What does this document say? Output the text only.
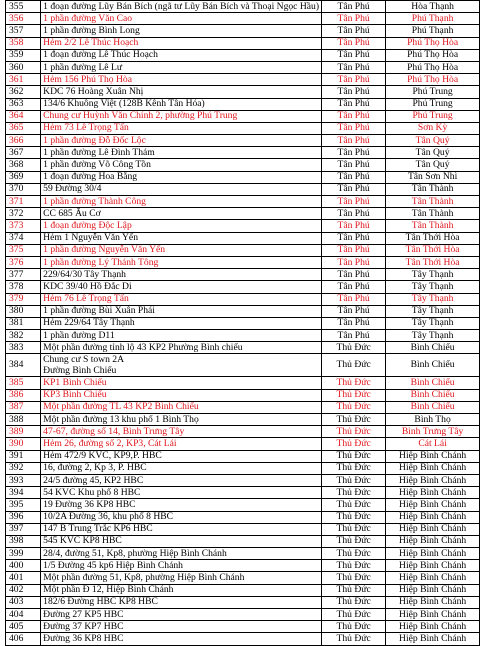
355	1 đoạn đường Lũy Bán Bích (ngã tư Lũy Bán Bích và Thoại Ngọc Hầu)	Tân Phú	Hòa Thạnh
356	1 phần đường Văn Cao	Tân Phú	Phú Thạnh
357	1 phần đường Bình Long	Tân Phú	Phú Thạnh
358	Hẻm 2/2 Lê Thúc Hoạch	Tân Phú	Phú Thọ Hòa
359	1 đoạn đường Lê Thúc Hoạch	Tân Phú	Phú Thọ Hòa
360	1 phần đường Lê Lư	Tân Phú	Phú Thọ Hòa
361	Hẻm 156 Phú Thọ Hòa	Tân Phú	Phú Thọ Hòa
362	KDC 76 Hoàng Xuân Nhị	Tân Phú	Phú Trung
363	134/6 Khuông Việt (128B Kênh Tân Hóa)	Tân Phú	Phú Trung
364	Chung cư Huỳnh Văn Chính 2, phường Phú Trung	Tân Phú	Phú Trung
365	Hẻm 73 Lê Trọng Tấn	Tân Phú	Sơn Kỳ
366	1 phần đường Đỗ Đốc Lộc	Tân Phú	Tân Quý
367	1 phần đường Lê Đình Thám	Tân Phú	Tân Quý
368	1 phần đường Võ Công Tồn	Tân Phú	Tân Quý
369	1 đoạn đường Hoa Bằng	Tân Phú	Tân Sơn Nhì
370	59 Đường 30/4	Tân Phú	Tân Thành
371	1 phần đường Thành Công	Tân Phú	Tân Thành
372	CC 685 Âu Cơ	Tân Phú	Tân Thành
373	1 đoạn đường Độc Lập	Tân Phú	Tân Thành
374	Hẻm 1 Nguyễn Văn Yến	Tân Phú	Tân Thới Hòa
375	1 phần đường Nguyễn Văn Yến	Tân Phú	Tân Thới Hòa
376	1 phần đường Lý Thánh Tông	Tân Phú	Tân Thới Hòa
377	229/64/30 Tây Thạnh	Tân Phú	Tây Thạnh
378	KDC 39/40 Hồ Đắc Di	Tân Phú	Tây Thạnh
379	Hẻm 76 Lê Trọng Tấn	Tân Phú	Tây Thạnh
380	1 phần đường Bùi Xuân Phái	Tân Phú	Tây Thạnh
381	Hẻm 229/64 Tây Thạnh	Tân Phú	Tây Thạnh
382	1 phần đường D11	Tân Phú	Tây Thạnh
383	Một phần đường tỉnh lộ 43 KP2 Phường Bình chiểu	Thủ Đức	Bình Chiểu
384	Chung cư S town 2A
Đường Bình Chiểu	Thủ Đức	Bình Chiểu
385	KP1 Bình Chiểu	Thủ Đức	Bình Chiểu
386	KP3 Bình Chiểu	Thủ Đức	Bình Chiểu
387	Một phần đường TL 43 KP2 Bình Chiểu	Thủ Đức	Bình Chiểu
388	Một phần đường 13 khu phố 1 Bình Thọ	Thủ Đức	Bình Thọ
389	47-67, đường số 14, Bình Trưng Tây	Thủ Đức	Bình Trưng Tây
390	Hẻm 26, đường số 2, KP3, Cát Lái	Thủ Đức	Cát Lái
391	Hẻm 472/9 KVC, KP9,P. HBC	Thủ Đức	Hiệp Bình Chánh
392	16, đường 2, Kp 3, P. HBC	Thủ Đức	Hiệp Bình Chánh
393	24/5 đường 45, KP2 HBC	Thủ Đức	Hiệp Bình Chánh
394	54 KVC Khu phố 8 HBC	Thủ Đức	Hiệp Bình Chánh
395	19 Đường 36 KP8 HBC	Thủ Đức	Hiệp Bình Chánh
396	10/2A Đường 36, khu phố 8 HBC	Thủ Đức	Hiệp Bình Chánh
397	147 B Trung Trắc KP6 HBC	Thủ Đức	Hiệp Bình Chánh
398	545 KVC KP8 HBC	Thủ Đức	Hiệp Bình Chánh
399	28/4, đường 51, Kp8, phường Hiệp Bình Chánh	Thủ Đức	Hiệp Bình Chánh
400	1/5 Đường 45 kp6 Hiệp Bình Chánh	Thủ Đức	Hiệp Bình Chánh
401	Một phần đường 51, Kp8, phường Hiệp Bình Chánh	Thủ Đức	Hiệp Bình Chánh
402	Một phần Đ 12, Hiệp Bình Chánh	Thủ Đức	Hiệp Bình Chánh
403	182/6 Đường HBC KP8 HBC	Thủ Đức	Hiệp Bình Chánh
404	Đường 27 KP5 HBC	Thủ Đức	Hiệp Bình Chánh
405	Đường 37 KP7 HBC	Thủ Đức	Hiệp Bình Chánh
406	Đường 36 KP8 HBC	Thủ Đức	Hiệp Bình Chánh
